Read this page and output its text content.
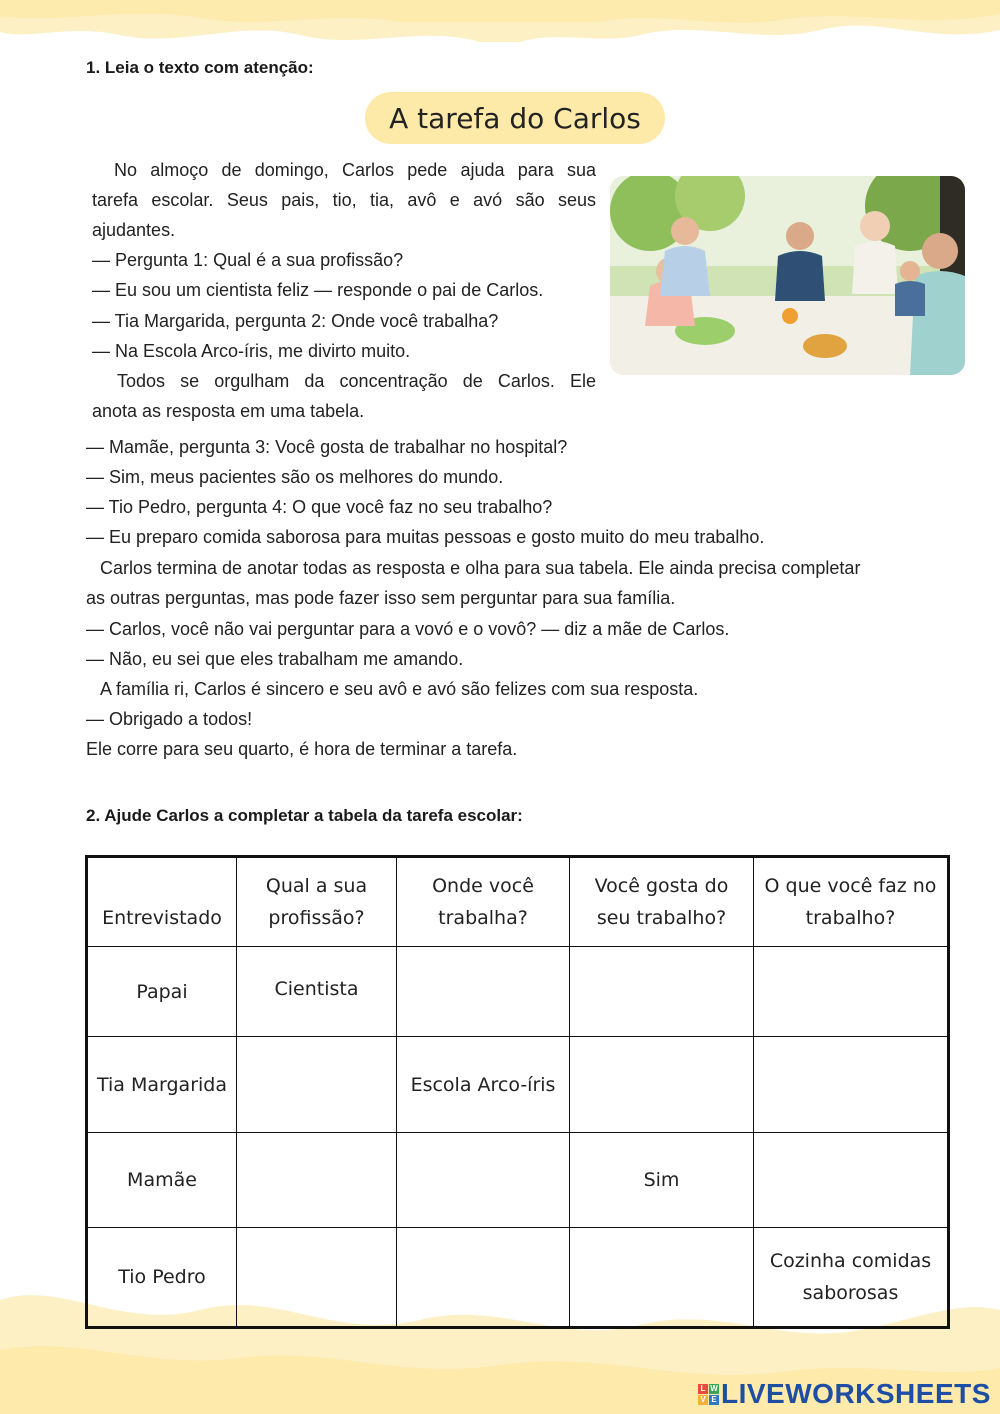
1. Leia o texto com atenção:
A tarefa do Carlos
No almoço de domingo, Carlos pede ajuda para sua
tarefa escolar. Seus pais, tio, tia, avô e avó são seus
ajudantes.
— Pergunta 1: Qual é a sua profissão?
— Eu sou um cientista feliz — responde o pai de Carlos.
— Tia Margarida, pergunta 2: Onde você trabalha?
— Na Escola Arco-íris, me divirto muito.
Todos se orgulham da concentração de Carlos. Ele
anota as resposta em uma tabela.
— Mamãe, pergunta 3: Você gosta de trabalhar no hospital?
— Sim, meus pacientes são os melhores do mundo.
— Tio Pedro, pergunta 4: O que você faz no seu trabalho?
— Eu preparo comida saborosa para muitas pessoas e gosto muito do meu trabalho.
Carlos termina de anotar todas as resposta e olha para sua tabela. Ele ainda precisa completar
as outras perguntas, mas pode fazer isso sem perguntar para sua família.
— Carlos, você não vai perguntar para a vovó e o vovô? — diz a mãe de Carlos.
— Não, eu sei que eles trabalham me amando.
A família ri, Carlos é sincero e seu avô e avó são felizes com sua resposta.
— Obrigado a todos!
Ele corre para seu quarto, é hora de terminar a tarefa.
2. Ajude Carlos a completar a tabela da tarefa escolar:
Entrevistado	Qual a sua profissão?	Onde você trabalha?	Você gosta do seu trabalho?	O que você faz no trabalho?
Papai	Cientista			
Tia Margarida		Escola Arco-íris		
Mamãe			Sim	
Tio Pedro				Cozinha comidas saborosas
L W
V E LIVEWORKSHEETS
